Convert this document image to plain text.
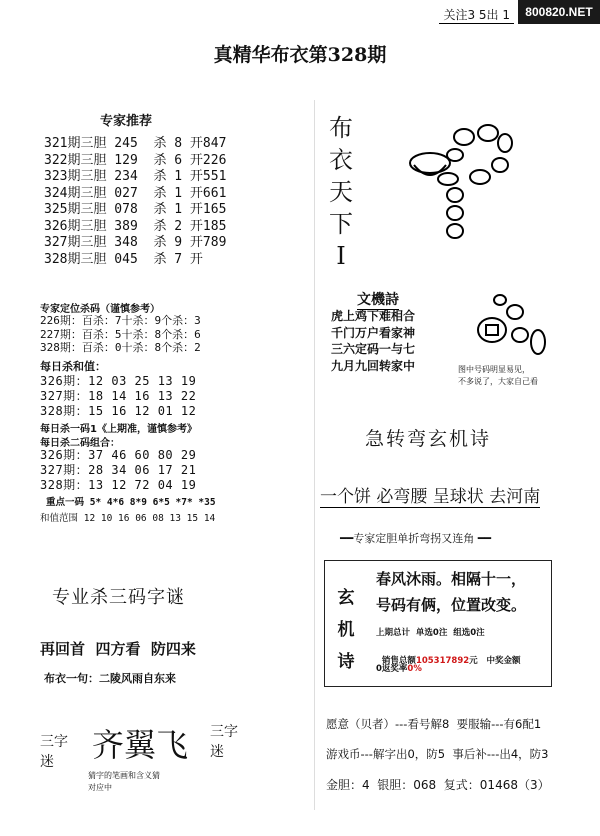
800820.NET
关注3 5出 1
真精华布衣第328期
专家推荐
321期三胆 245  杀 8 开847
322期三胆 129  杀 6 开226
323期三胆 234  杀 1 开551
324期三胆 027  杀 1 开661
325期三胆 078  杀 1 开165
326期三胆 389  杀 2 开185
327期三胆 348  杀 9 开789
328期三胆 045  杀 7 开
专家定位杀码（谨慎参考）
226期：百杀：7十杀：9个杀：3
227期：百杀：5十杀：8个杀：6
328期：百杀：0十杀：8个杀：2
每日杀和值：
326期：12 03 25 13 19
327期：18 14 16 13 22
328期：15 16 12 01 12
每日杀一码1《上期准，谨慎参考》
每日杀二码组合：
326期：37 46 60 80 29
327期：28 34 06 17 21
328期：13 12 72 04 19
重点一码 5* 4*6 8*9 6*5 *7* *35
和值范围 12 10 16 06 08 13 15 14
专业杀三码字谜
再回首  四方看  防四来
布衣一句：二陵风雨自东来
三字
迷	齐翼飞 三字
迷
猜字的笔画和含义猜
对应中
布
衣
天
下
I
文機詩
虎上鸡下难相合
千门万户看家神
三六定码一与七
九月九回转家中	图中号码明显易见，
不多说了，大家自己看
急转弯玄机诗
一个饼 必弯腰 呈球状 去河南
━━专家定胆单折弯拐又连角 ━━
玄
机
诗
春风沐雨。相隔十一，
号码有俩，位置改变。
上期总计  单选0注  组选0注

销售总额105317892元   中奖金额

0返奖率0%
愿意（贝者）---看号解8  要服输---有6配1
游戏币---解字出0，防5  事后补---出4，防3
金胆：4  银胆：068  复式：01468（3）
